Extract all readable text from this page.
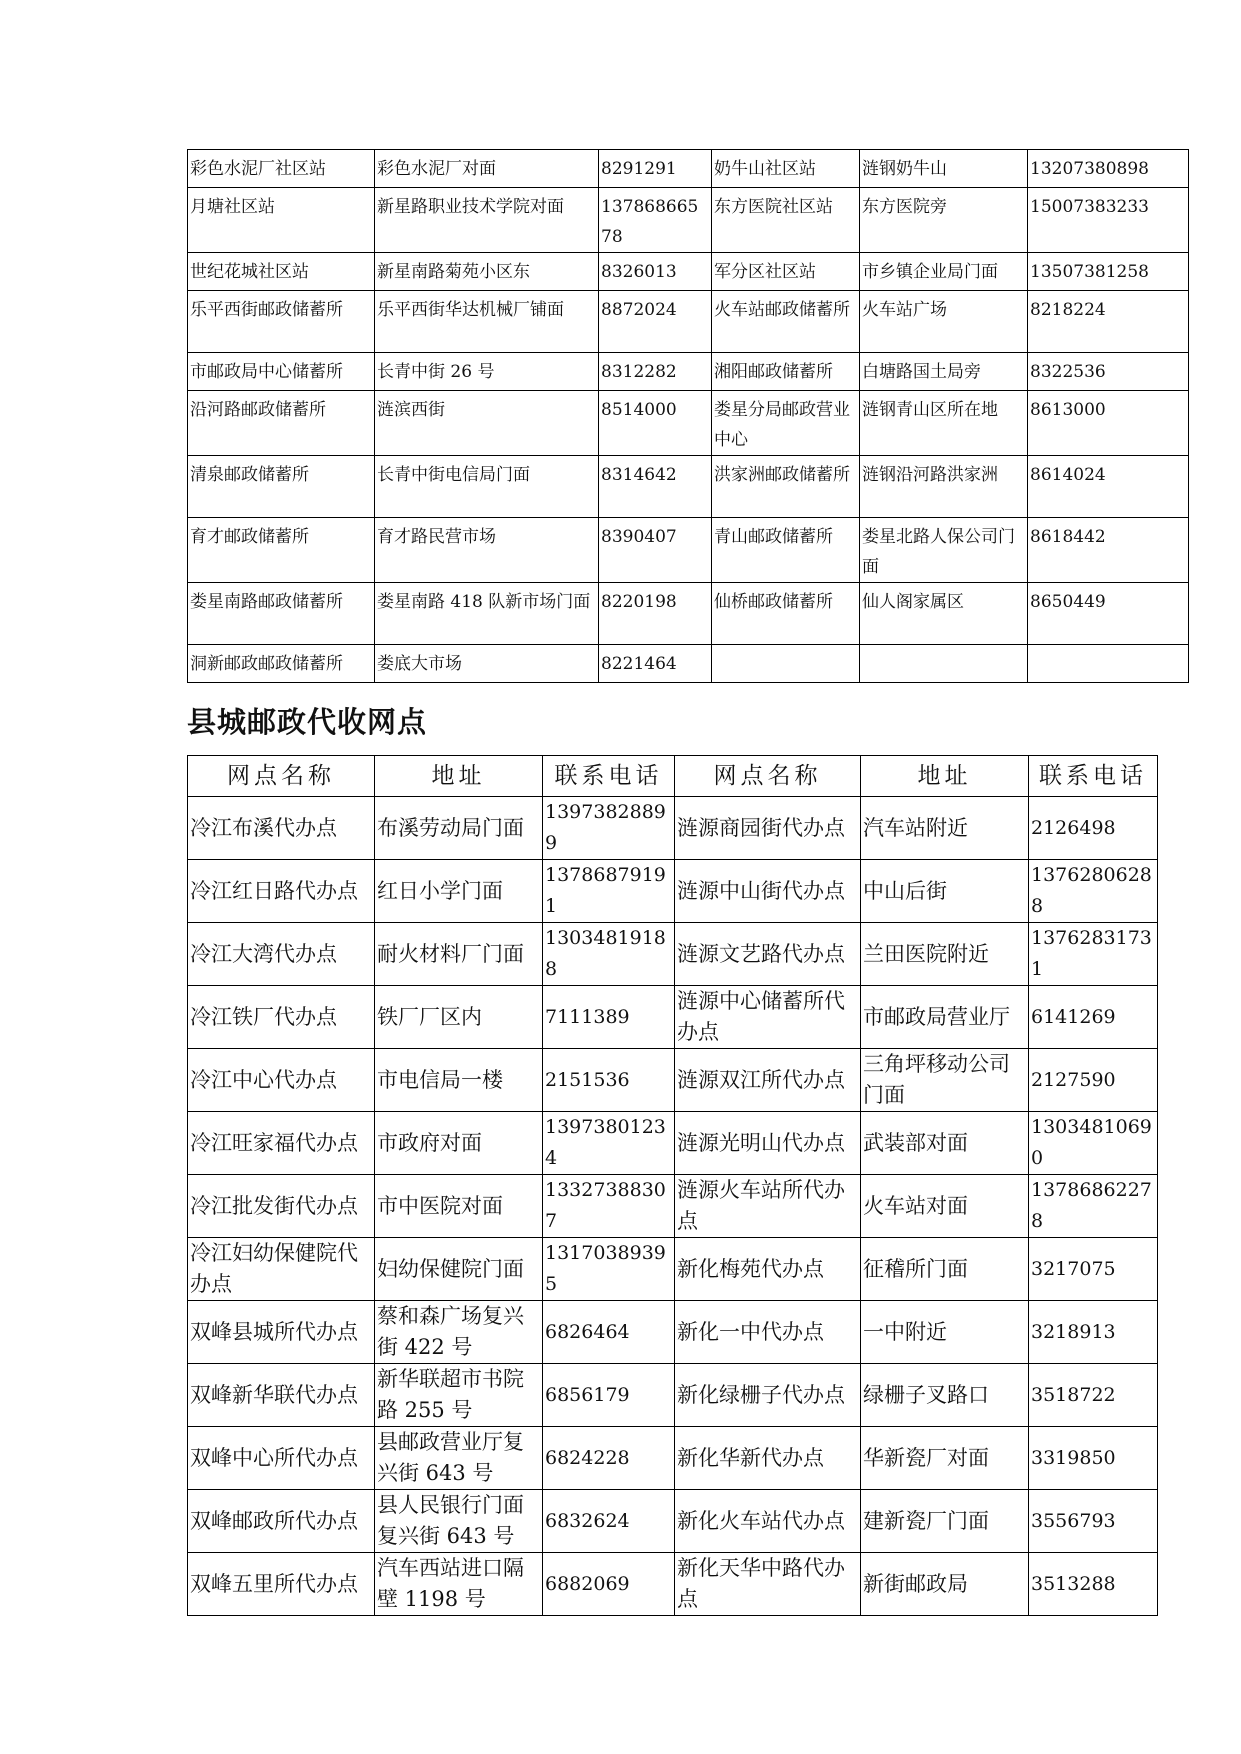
彩色水泥厂社区站	彩色水泥厂对面	8291291	奶牛山社区站	涟钢奶牛山	13207380898
月塘社区站	新星路职业技术学院对面	13786866578	东方医院社区站	东方医院旁	15007383233
世纪花城社区站	新星南路菊苑小区东	8326013	军分区社区站	市乡镇企业局门面	13507381258
乐平西街邮政储蓄所	乐平西街华达机械厂铺面	8872024	火车站邮政储蓄所	火车站广场	8218224
市邮政局中心储蓄所	长青中街 26 号	8312282	湘阳邮政储蓄所	白塘路国土局旁	8322536
沿河路邮政储蓄所	涟滨西街	8514000	娄星分局邮政营业中心	涟钢青山区所在地	8613000
清泉邮政储蓄所	长青中街电信局门面	8314642	洪家洲邮政储蓄所	涟钢沿河路洪家洲	8614024
育才邮政储蓄所	育才路民营市场	8390407	青山邮政储蓄所	娄星北路人保公司门面	8618442
娄星南路邮政储蓄所	娄星南路 418 队新市场门面	8220198	仙桥邮政储蓄所	仙人阁家属区	8650449
洞新邮政邮政储蓄所	娄底大市场	8221464			
县城邮政代收网点
网点名称	地址	联系电话	网点名称	地址	联系电话
冷江布溪代办点	布溪劳动局门面	13973828899	涟源商园街代办点	汽车站附近	2126498
冷江红日路代办点	红日小学门面	13786879191	涟源中山街代办点	中山后街	13762806288
冷江大湾代办点	耐火材料厂门面	13034819188	涟源文艺路代办点	兰田医院附近	13762831731
冷江铁厂代办点	铁厂厂区内	7111389	涟源中心储蓄所代办点	市邮政局营业厅	6141269
冷江中心代办点	市电信局一楼	2151536	涟源双江所代办点	三角坪移动公司门面	2127590
冷江旺家福代办点	市政府对面	13973801234	涟源光明山代办点	武装部对面	13034810690
冷江批发街代办点	市中医院对面	13327388307	涟源火车站所代办点	火车站对面	13786862278
冷江妇幼保健院代办点	妇幼保健院门面	13170389395	新化梅苑代办点	征稽所门面	3217075
双峰县城所代办点	蔡和森广场复兴街 422 号	6826464	新化一中代办点	一中附近	3218913
双峰新华联代办点	新华联超市书院路 255 号	6856179	新化绿栅子代办点	绿栅子叉路口	3518722
双峰中心所代办点	县邮政营业厅复兴街 643 号	6824228	新化华新代办点	华新瓷厂对面	3319850
双峰邮政所代办点	县人民银行门面复兴街 643 号	6832624	新化火车站代办点	建新瓷厂门面	3556793
双峰五里所代办点	汽车西站进口隔壁 1198 号	6882069	新化天华中路代办点	新街邮政局	3513288
